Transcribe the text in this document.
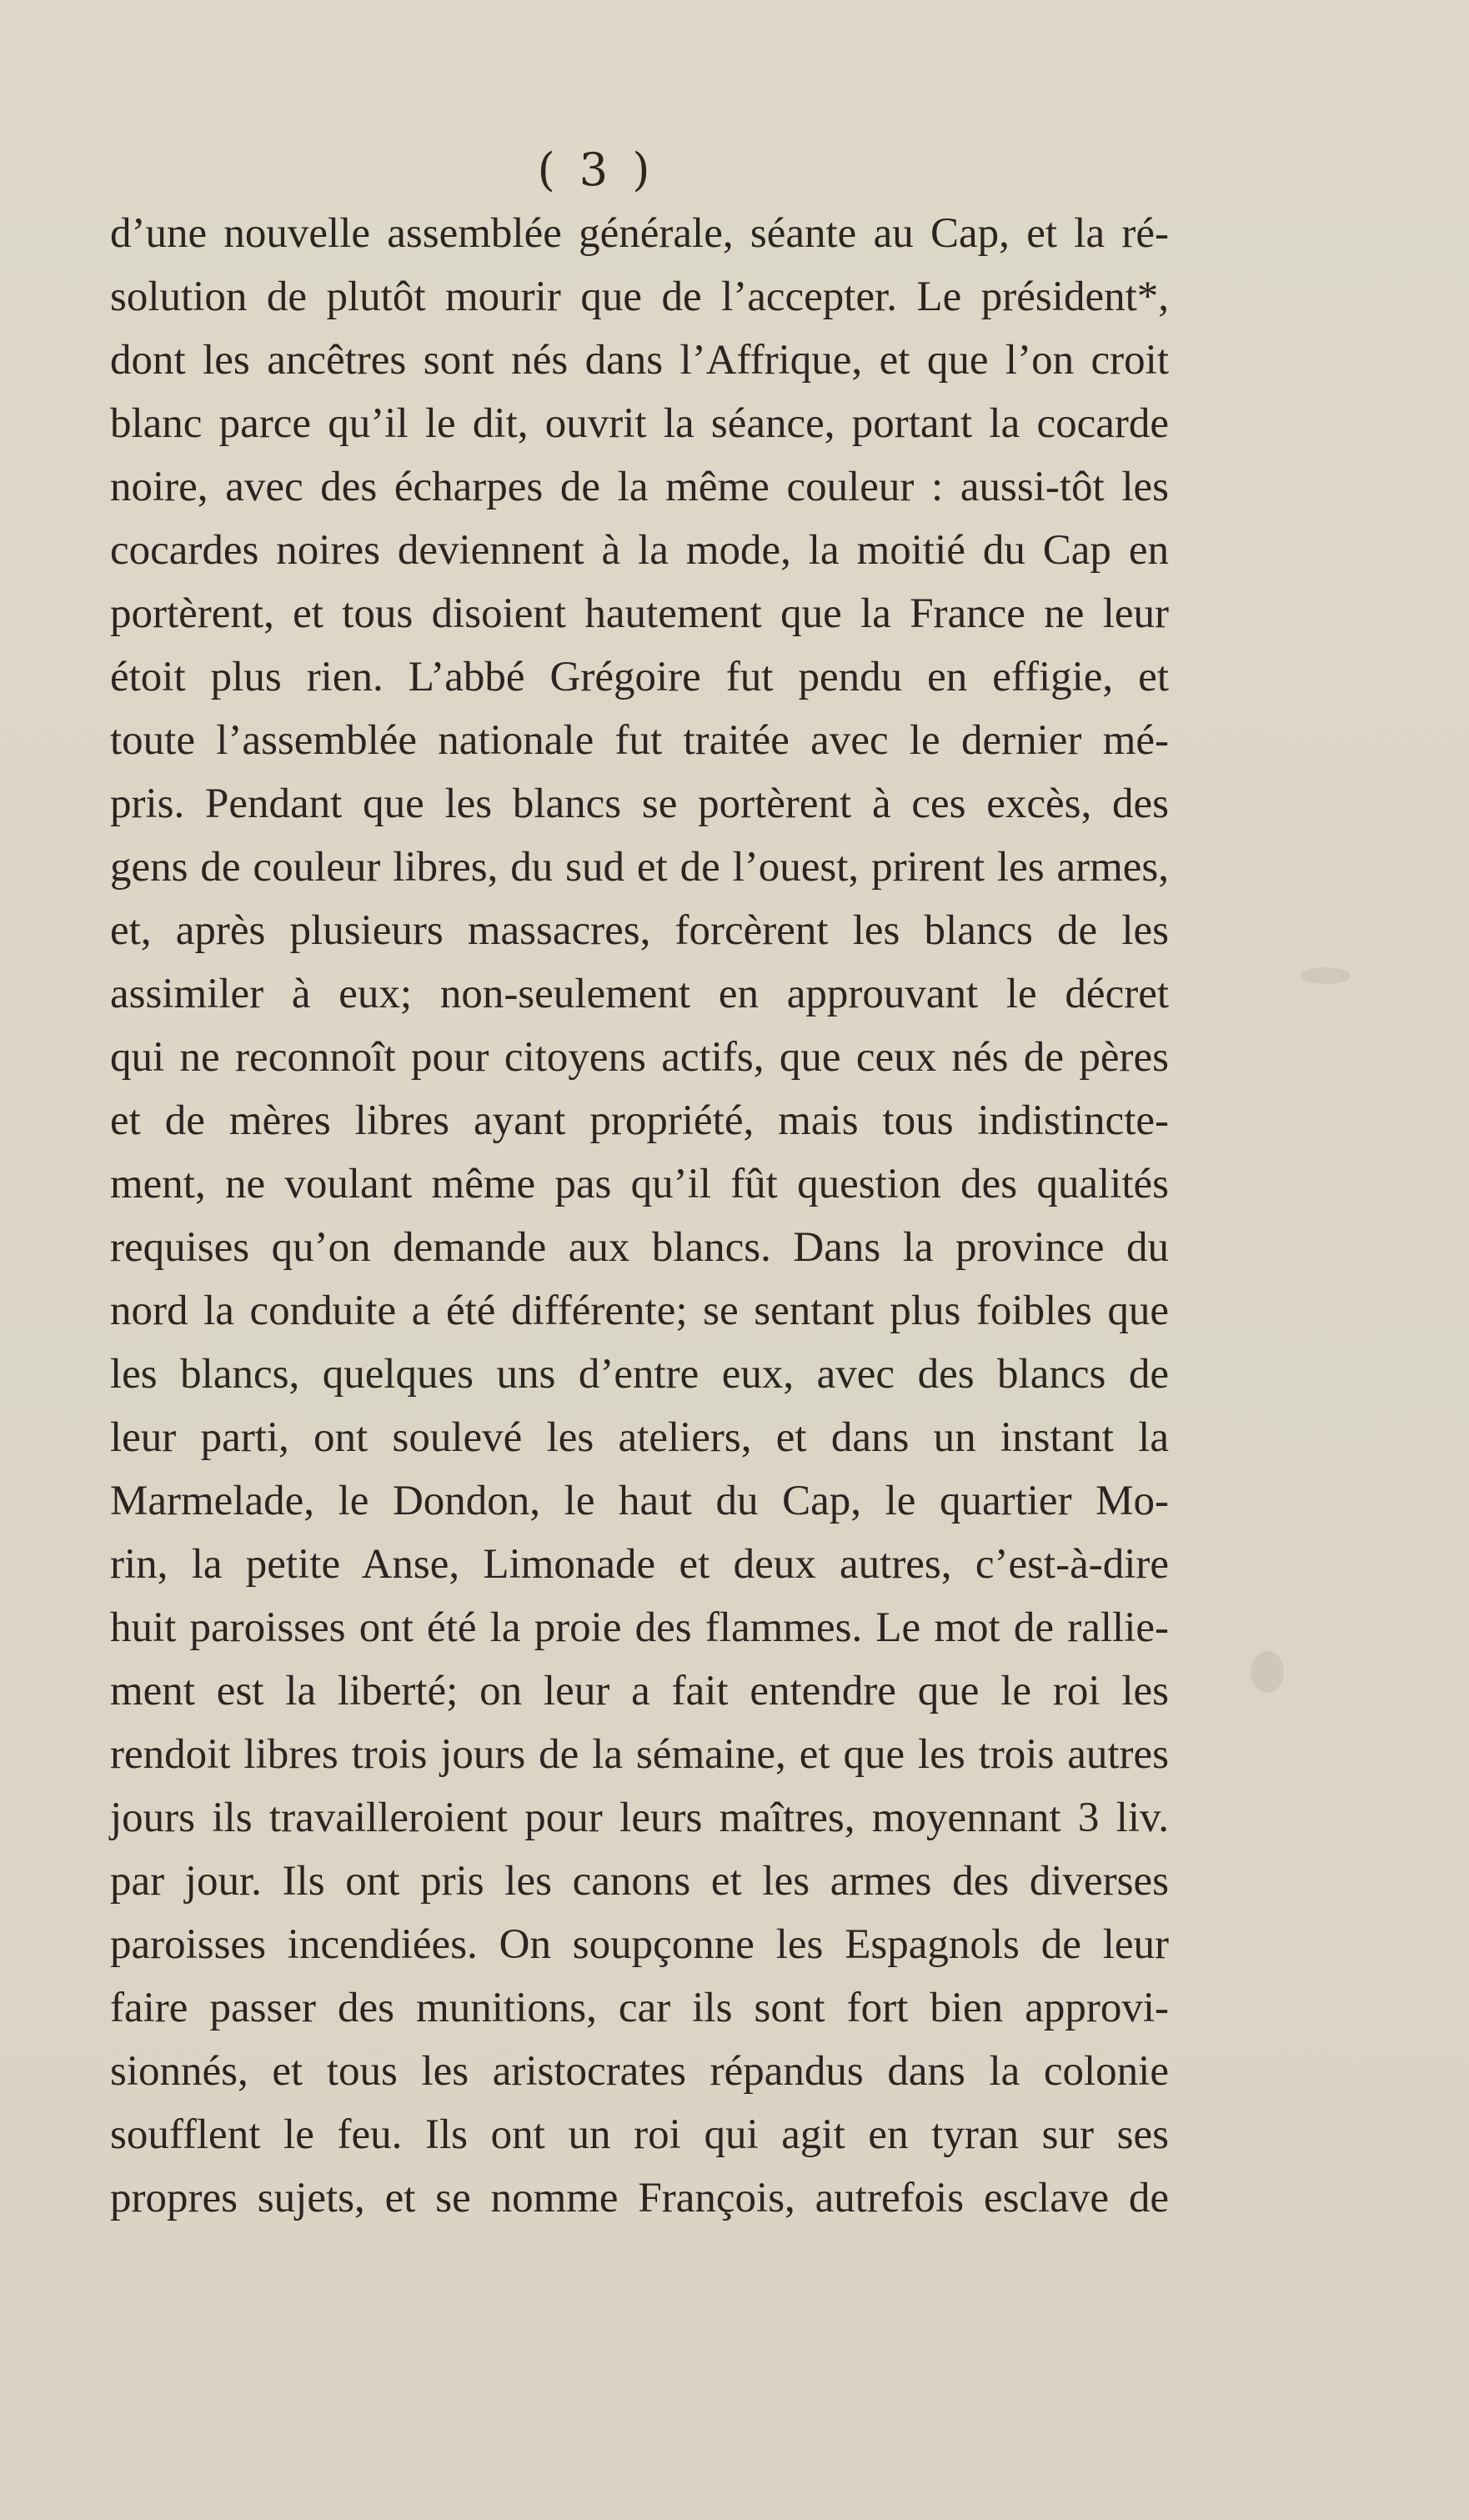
( 3 )
d’une nouvelle assemblée générale, séante au Cap, et la ré-
solution de plutôt mourir que de l’accepter. Le président*,
dont les ancêtres sont nés dans l’Affrique, et que l’on croit
blanc parce qu’il le dit, ouvrit la séance, portant la cocarde
noire, avec des écharpes de la même couleur : aussi-tôt les
cocardes noires deviennent à la mode, la moitié du Cap en
portèrent, et tous disoient hautement que la France ne leur
étoit plus rien. L’abbé Grégoire fut pendu en effigie, et
toute l’assemblée nationale fut traitée avec le dernier mé-
pris. Pendant que les blancs se portèrent à ces excès, des
gens de couleur libres, du sud et de l’ouest, prirent les armes,
et, après plusieurs massacres, forcèrent les blancs de les
assimiler à eux; non-seulement en approuvant le décret
qui ne reconnoît pour citoyens actifs, que ceux nés de pères
et de mères libres ayant propriété, mais tous indistincte-
ment, ne voulant même pas qu’il fût question des qualités
requises qu’on demande aux blancs. Dans la province du
nord la conduite a été différente; se sentant plus foibles que
les blancs, quelques uns d’entre eux, avec des blancs de
leur parti, ont soulevé les ateliers, et dans un instant la
Marmelade, le Dondon, le haut du Cap, le quartier Mo-
rin, la petite Anse, Limonade et deux autres, c’est-à-dire
huit paroisses ont été la proie des flammes. Le mot de rallie-
ment est la liberté; on leur a fait entendre que le roi les
rendoit libres trois jours de la sémaine, et que les trois autres
jours ils travailleroient pour leurs maîtres, moyennant 3 liv.
par jour. Ils ont pris les canons et les armes des diverses
paroisses incendiées. On soupçonne les Espagnols de leur
faire passer des munitions, car ils sont fort bien approvi-
sionnés, et tous les aristocrates répandus dans la colonie
soufflent le feu. Ils ont un roi qui agit en tyran sur ses
propres sujets, et se nomme François, autrefois esclave de
